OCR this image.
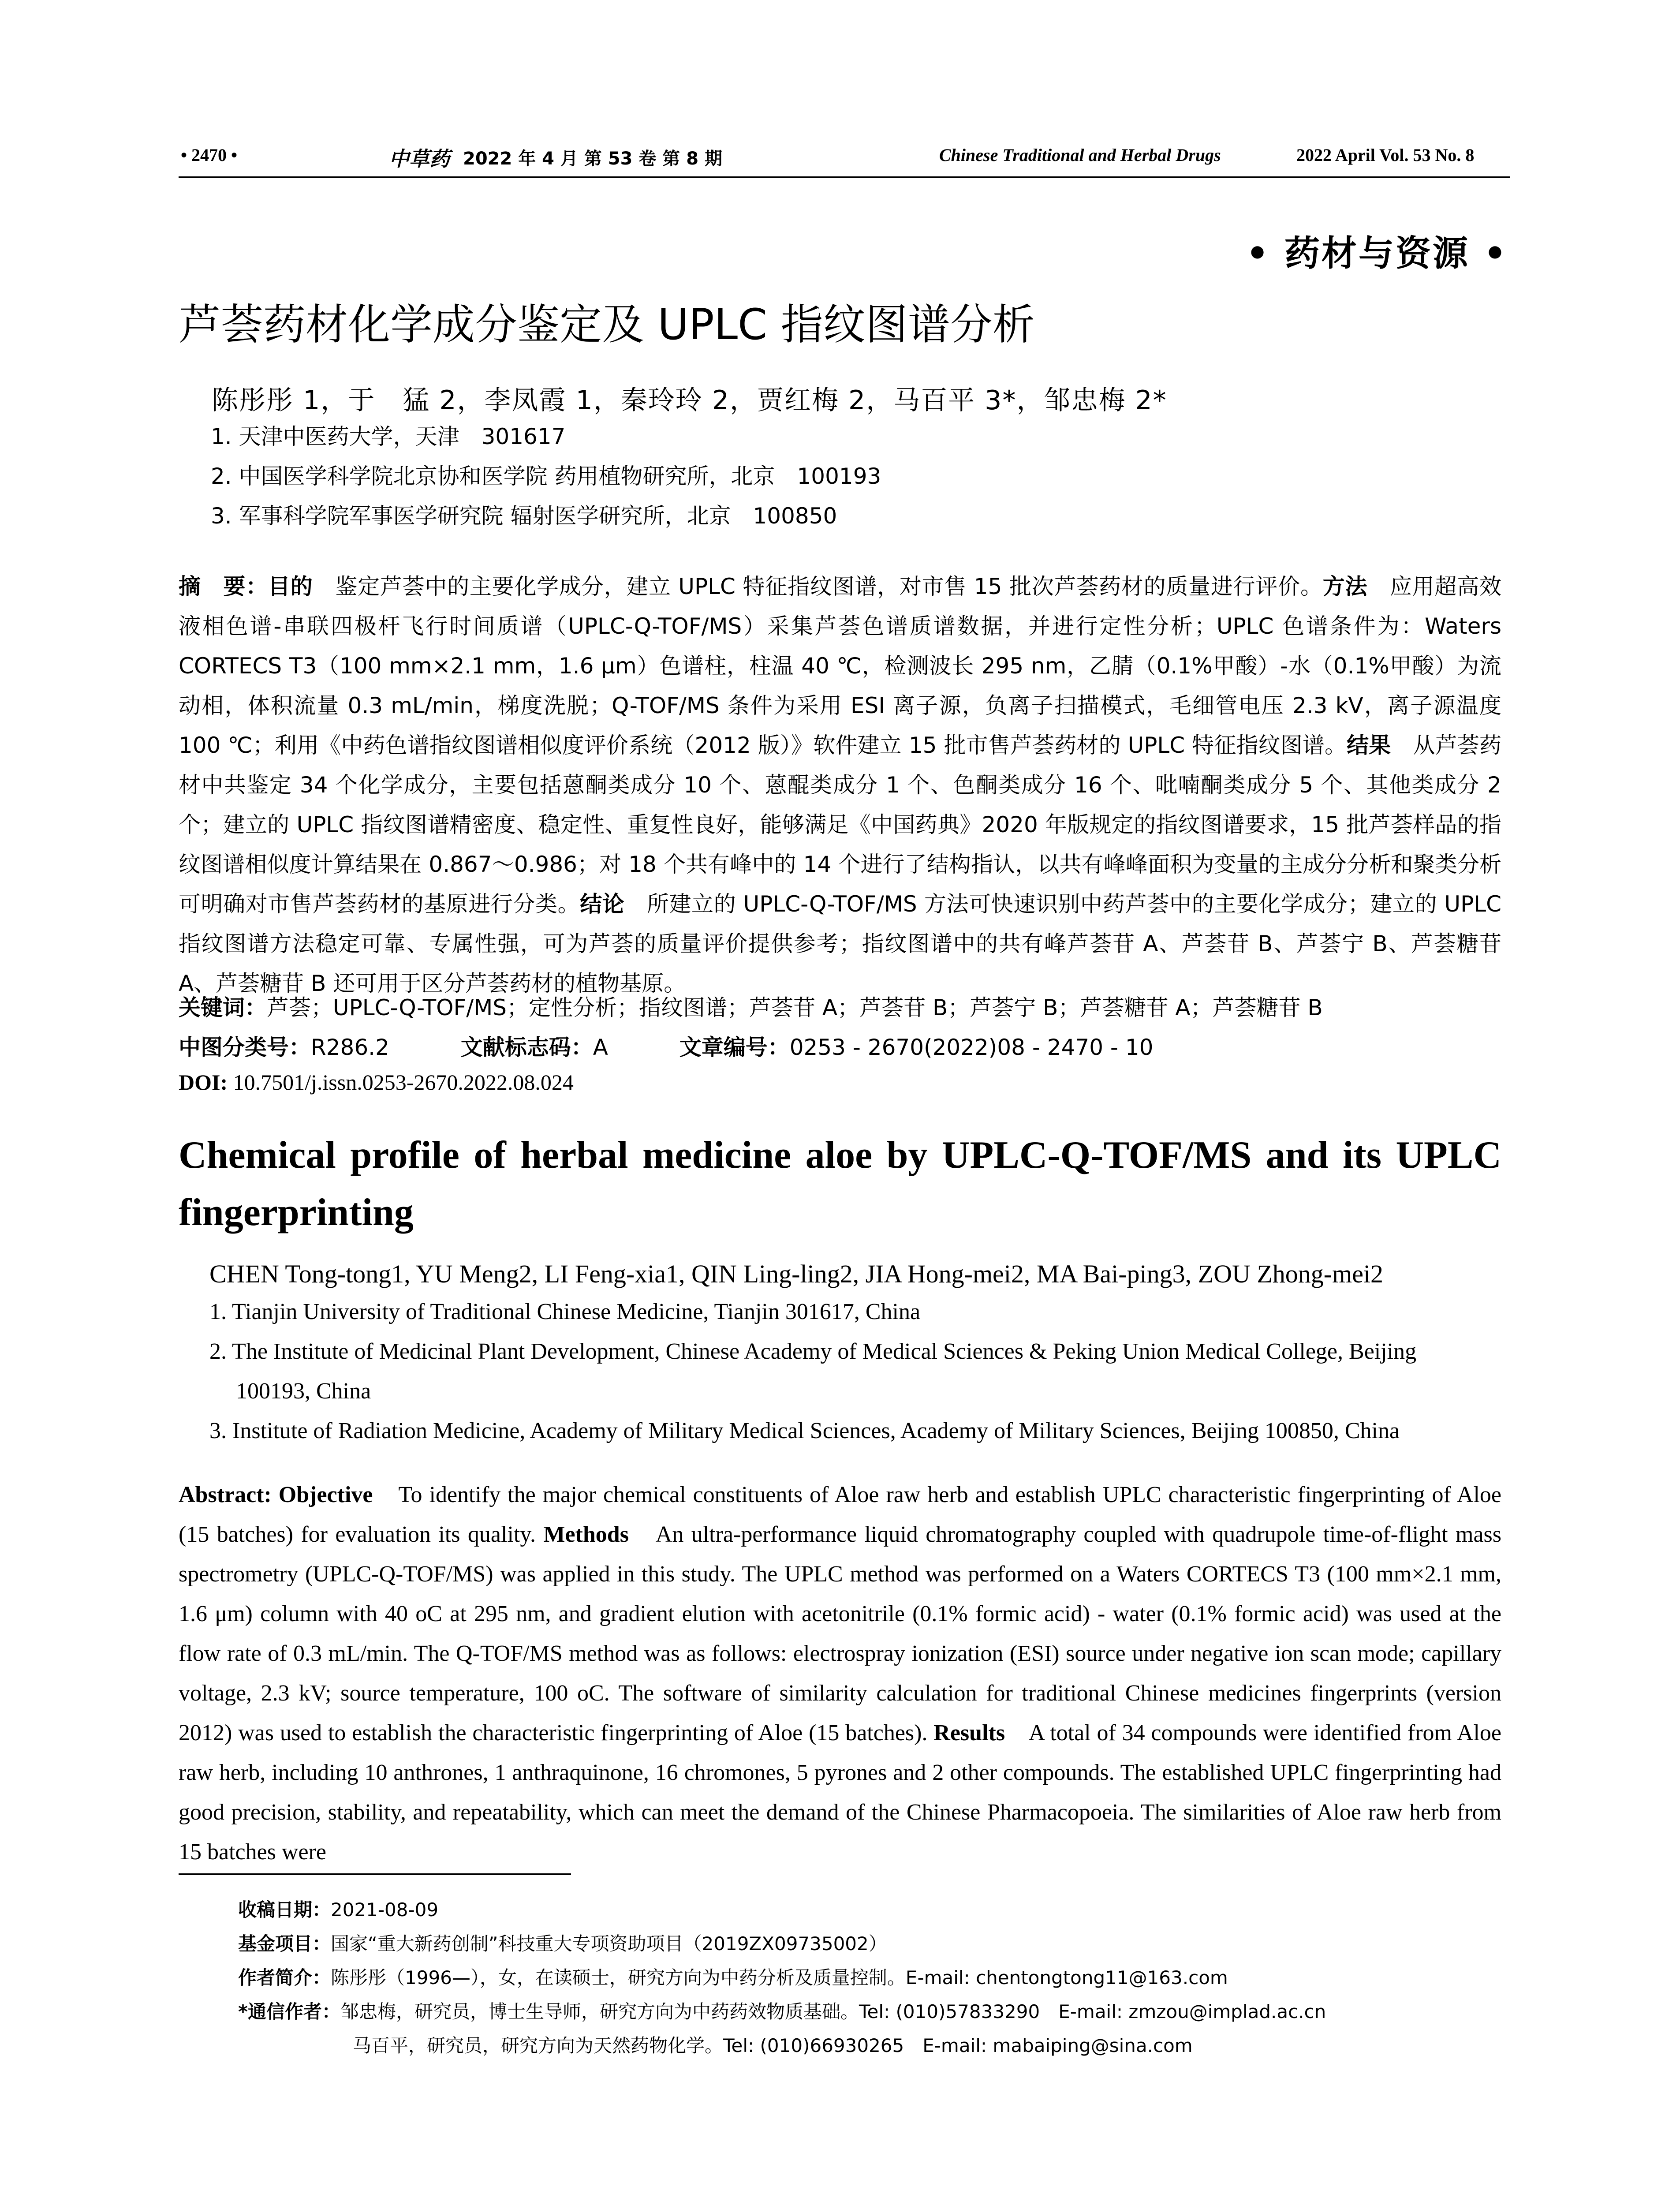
• 2470 •	中草药 2022 年 4 月 第 53 卷 第 8 期	Chinese Traditional and Herbal Drugs	2022 April Vol. 53 No. 8
• 药材与资源 •
芦荟药材化学成分鉴定及 UPLC 指纹图谱分析
陈彤彤 1，于　猛 2，李凤霞 1，秦玲玲 2，贾红梅 2，马百平 3*，邹忠梅 2*
1. 天津中医药大学，天津　301617
2. 中国医学科学院北京协和医学院 药用植物研究所，北京　100193
3. 军事科学院军事医学研究院 辐射医学研究所，北京　100850
摘　要：目的　鉴定芦荟中的主要化学成分，建立 UPLC 特征指纹图谱，对市售 15 批次芦荟药材的质量进行评价。方法　应用超高效液相色谱-串联四极杆飞行时间质谱（UPLC-Q-TOF/MS）采集芦荟色谱质谱数据，并进行定性分析；UPLC 色谱条件为：Waters CORTECS T3（100 mm×2.1 mm，1.6 μm）色谱柱，柱温 40 ℃，检测波长 295 nm，乙腈（0.1%甲酸）-水（0.1%甲酸）为流动相，体积流量 0.3 mL/min，梯度洗脱；Q-TOF/MS 条件为采用 ESI 离子源，负离子扫描模式，毛细管电压 2.3 kV，离子源温度 100 ℃；利用《中药色谱指纹图谱相似度评价系统（2012 版）》软件建立 15 批市售芦荟药材的 UPLC 特征指纹图谱。结果　从芦荟药材中共鉴定 34 个化学成分，主要包括蒽酮类成分 10 个、蒽醌类成分 1 个、色酮类成分 16 个、吡喃酮类成分 5 个、其他类成分 2 个；建立的 UPLC 指纹图谱精密度、稳定性、重复性良好，能够满足《中国药典》2020 年版规定的指纹图谱要求，15 批芦荟样品的指纹图谱相似度计算结果在 0.867～0.986；对 18 个共有峰中的 14 个进行了结构指认，以共有峰峰面积为变量的主成分分析和聚类分析可明确对市售芦荟药材的基原进行分类。结论　所建立的 UPLC-Q-TOF/MS 方法可快速识别中药芦荟中的主要化学成分；建立的 UPLC 指纹图谱方法稳定可靠、专属性强，可为芦荟的质量评价提供参考；指纹图谱中的共有峰芦荟苷 A、芦荟苷 B、芦荟宁 B、芦荟糖苷 A、芦荟糖苷 B 还可用于区分芦荟药材的植物基原。
关键词：芦荟；UPLC-Q-TOF/MS；定性分析；指纹图谱；芦荟苷 A；芦荟苷 B；芦荟宁 B；芦荟糖苷 A；芦荟糖苷 B
中图分类号：R286.2	文献标志码：A	文章编号：0253 - 2670(2022)08 - 2470 - 10
DOI: 10.7501/j.issn.0253-2670.2022.08.024
Chemical profile of herbal medicine aloe by UPLC-Q-TOF/MS and its UPLC fingerprinting
CHEN Tong-tong1, YU Meng2, LI Feng-xia1, QIN Ling-ling2, JIA Hong-mei2, MA Bai-ping3, ZOU Zhong-mei2
1. Tianjin University of Traditional Chinese Medicine, Tianjin 301617, China
2. The Institute of Medicinal Plant Development, Chinese Academy of Medical Sciences & Peking Union Medical College, Beijing
100193, China
3. Institute of Radiation Medicine, Academy of Military Medical Sciences, Academy of Military Sciences, Beijing 100850, China
Abstract: Objective　To identify the major chemical constituents of Aloe raw herb and establish UPLC characteristic fingerprinting of Aloe (15 batches) for evaluation its quality. Methods　An ultra-performance liquid chromatography coupled with quadrupole time-of-flight mass spectrometry (UPLC-Q-TOF/MS) was applied in this study. The UPLC method was performed on a Waters CORTECS T3 (100 mm×2.1 mm, 1.6 μm) column with 40 oC at 295 nm, and gradient elution with acetonitrile (0.1% formic acid) - water (0.1% formic acid) was used at the flow rate of 0.3 mL/min. The Q-TOF/MS method was as follows: electrospray ionization (ESI) source under negative ion scan mode; capillary voltage, 2.3 kV; source temperature, 100 oC. The software of similarity calculation for traditional Chinese medicines fingerprints (version 2012) was used to establish the characteristic fingerprinting of Aloe (15 batches). Results　A total of 34 compounds were identified from Aloe raw herb, including 10 anthrones, 1 anthraquinone, 16 chromones, 5 pyrones and 2 other compounds. The established UPLC fingerprinting had good precision, stability, and repeatability, which can meet the demand of the Chinese Pharmacopoeia. The similarities of Aloe raw herb from 15 batches were
收稿日期：2021-08-09
基金项目：国家“重大新药创制”科技重大专项资助项目（2019ZX09735002）
作者简介：陈彤彤（1996—），女，在读硕士，研究方向为中药分析及质量控制。E-mail: chentongtong11@163.com
*通信作者：邹忠梅，研究员，博士生导师，研究方向为中药药效物质基础。Tel: (010)57833290　E-mail: zmzou@implad.ac.cn
马百平，研究员，研究方向为天然药物化学。Tel: (010)66930265　E-mail: mabaiping@sina.com
